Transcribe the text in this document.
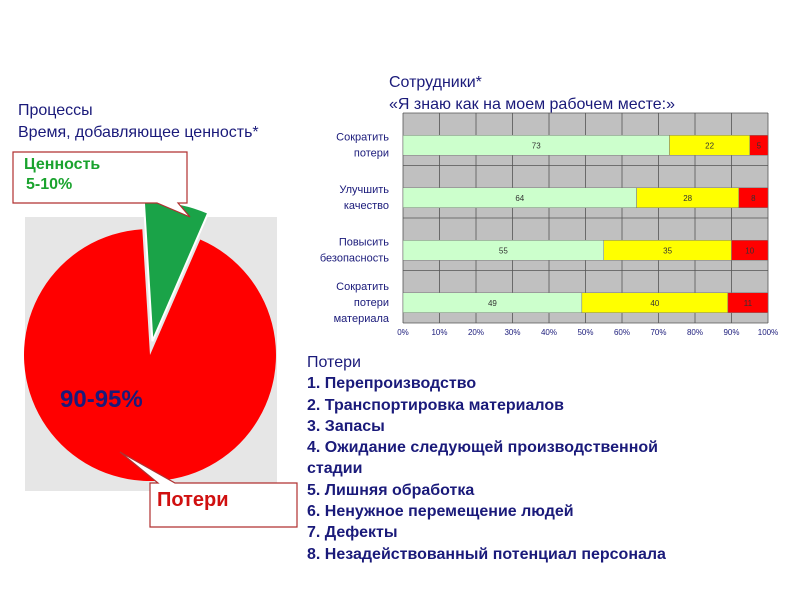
Процессы
Время, добавляющее ценность*
Ценность
5-10%
90-95%
Потери
Сотрудники*
«Я знаю как на моем рабочем месте:»
73	22	5
Сократить
потери
64	28	8
Улучшить
качество
55	35	10
Повысить
безопасность
49	40	11
Сократить
потери
материала
0%	10%	20%	30%	40%	50%	60%	70%	80%	90% 100%
Потери
1. Перепроизводство
2. Транспортировка материалов
3. Запасы
4. Ожидание следующей производственной
стадии
5. Лишняя обработка
6. Ненужное перемещение людей
7. Дефекты
8. Незадействованный потенциал персонала
